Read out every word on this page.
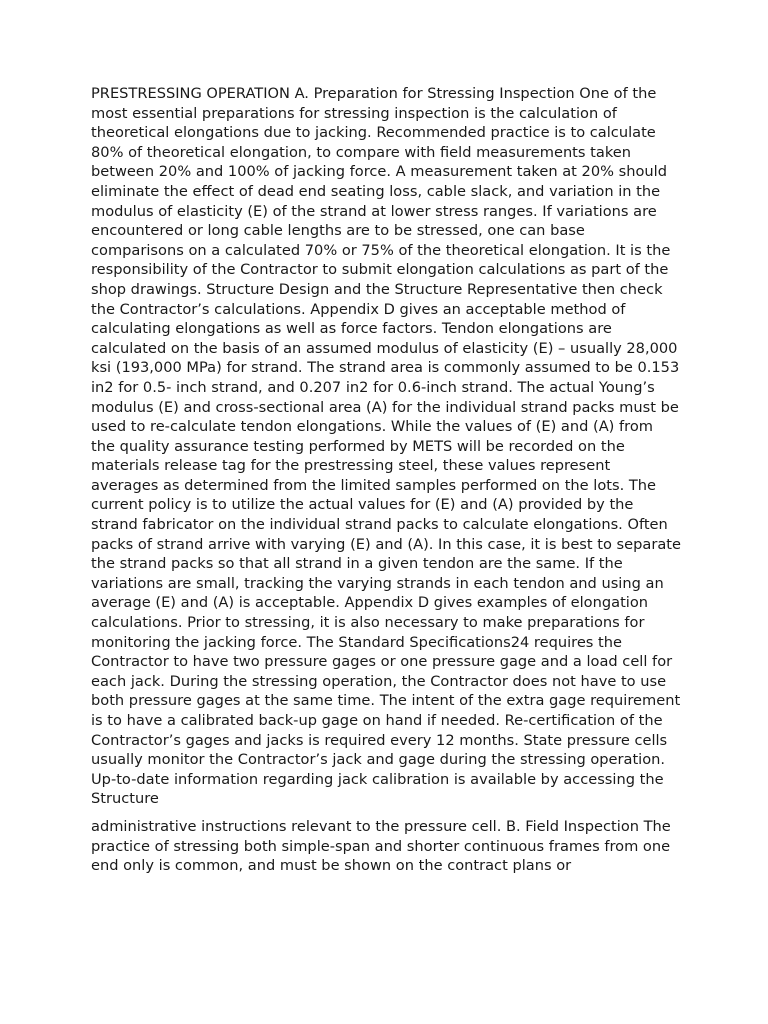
PRESTRESSING OPERATION A. Preparation for Stressing Inspection One of the most essential preparations for stressing inspection is the calculation of theoretical elongations due to jacking. Recommended practice is to calculate 80% of theoretical elongation, to compare with field measurements taken between 20% and 100% of jacking force. A measurement taken at 20% should eliminate the effect of dead end seating loss, cable slack, and variation in the modulus of elasticity (E) of the strand at lower stress ranges. If variations are encountered or long cable lengths are to be stressed, one can base comparisons on a calculated 70% or 75% of the theoretical elongation. It is the responsibility of the Contractor to submit elongation calculations as part of the shop drawings. Structure Design and the Structure Representative then check the Contractor’s calculations. Appendix D gives an acceptable method of calculating elongations as well as force factors. Tendon elongations are calculated on the basis of an assumed modulus of elasticity (E) – usually 28,000 ksi (193,000 MPa) for strand. The strand area is commonly assumed to be 0.153 in2 for 0.5- inch strand, and 0.207 in2 for 0.6-inch strand. The actual Young’s modulus (E) and cross-sectional area (A) for the individual strand packs must be used to re-calculate tendon elongations. While the values of (E) and (A) from the quality assurance testing performed by METS will be recorded on the materials release tag for the prestressing steel, these values represent averages as determined from the limited samples performed on the lots. The current policy is to utilize the actual values for (E) and (A) provided by the strand fabricator on the individual strand packs to calculate elongations. Often packs of strand arrive with varying (E) and (A). In this case, it is best to separate the strand packs so that all strand in a given tendon are the same. If the variations are small, tracking the varying strands in each tendon and using an average (E) and (A) is acceptable. Appendix D gives examples of elongation calculations. Prior to stressing, it is also necessary to make preparations for monitoring the jacking force. The Standard Specifications24 requires the Contractor to have two pressure gages or one pressure gage and a load cell for each jack. During the stressing operation, the Contractor does not have to use both pressure gages at the same time. The intent of the extra gage requirement is to have a calibrated back-up gage on hand if needed. Re-certification of the Contractor’s gages and jacks is required every 12 months. State pressure cells usually monitor the Contractor’s jack and gage during the stressing operation. Up-to-date information regarding jack calibration is available by accessing the Structure

administrative instructions relevant to the pressure cell. B. Field Inspection The practice of stressing both simple-span and shorter continuous frames from one end only is common, and must be shown on the contract plans or
